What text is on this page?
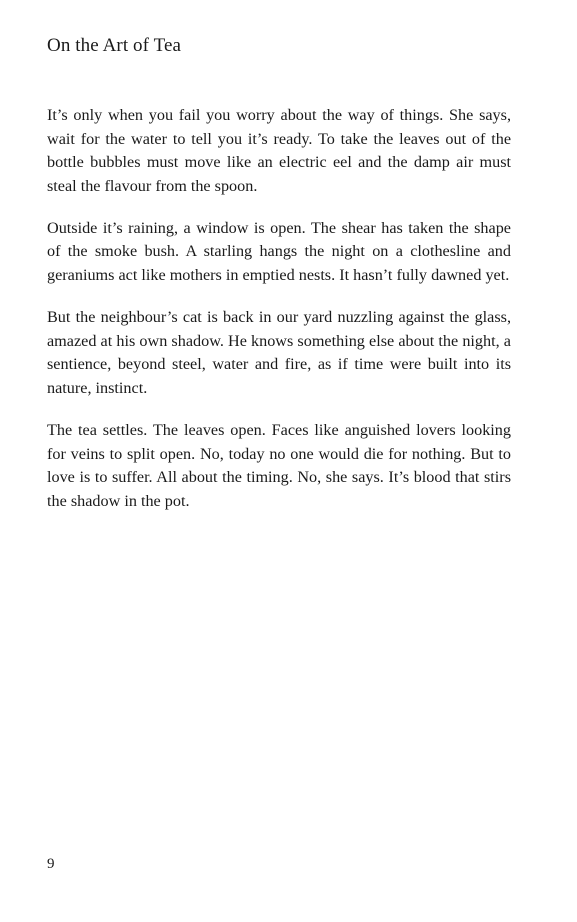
On the Art of Tea

It’s only when you fail you worry about the way of things. She says, wait for the water to tell you it’s ready. To take the leaves out of the bottle bubbles must move like an electric eel and the damp air must steal the flavour from the spoon.

Outside it’s raining, a window is open. The shear has taken the shape of the smoke bush. A starling hangs the night on a clothesline and geraniums act like mothers in emptied nests. It hasn’t fully dawned yet.

But the neighbour’s cat is back in our yard nuzzling against the glass, amazed at his own shadow. He knows something else about the night, a sentience, beyond steel, water and fire, as if time were built into its nature, instinct.

The tea settles. The leaves open. Faces like anguished lovers looking for veins to split open. No, today no one would die for nothing. But to love is to suffer. All about the timing. No, she says. It’s blood that stirs the shadow in the pot.

9
